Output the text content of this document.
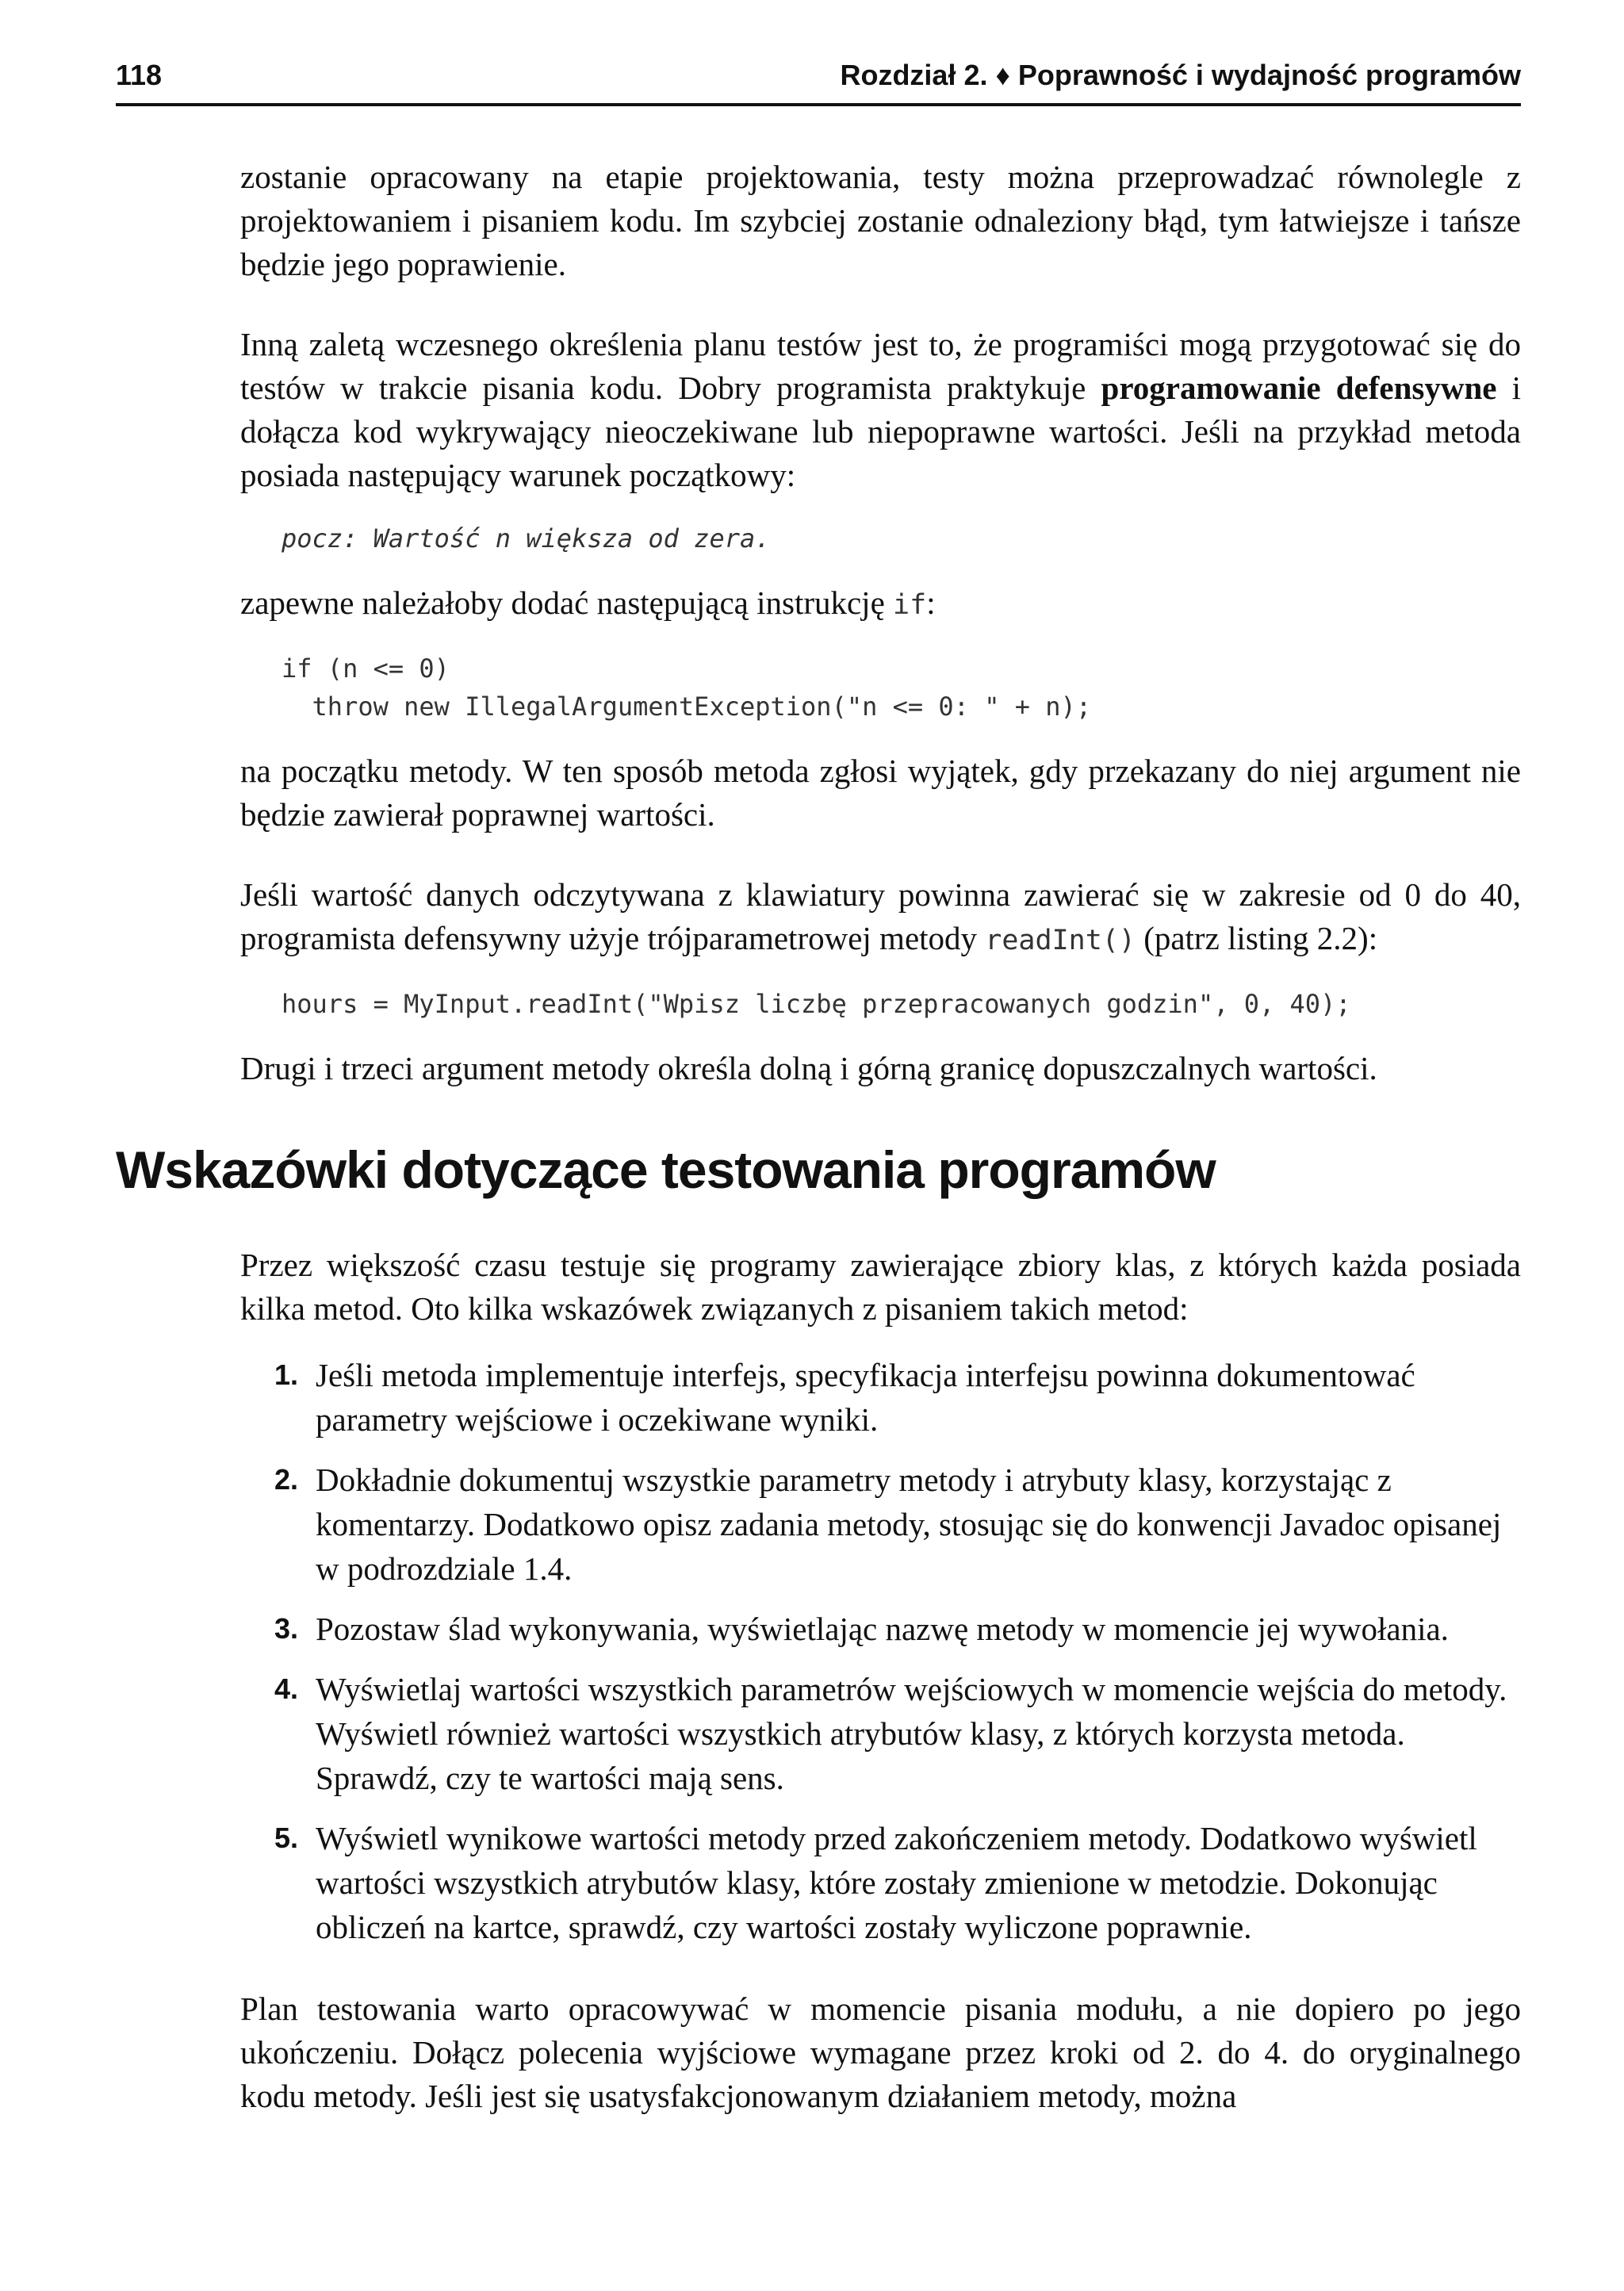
118	Rozdział 2. ♦ Poprawność i wydajność programów

zostanie opracowany na etapie projektowania, testy można przeprowadzać równolegle z projektowaniem i pisaniem kodu. Im szybciej zostanie odnaleziony błąd, tym łatwiejsze i tańsze będzie jego poprawienie.

Inną zaletą wczesnego określenia planu testów jest to, że programiści mogą przygotować się do testów w trakcie pisania kodu. Dobry programista praktykuje programowanie defensywne i dołącza kod wykrywający nieoczekiwane lub niepoprawne wartości. Jeśli na przykład metoda posiada następujący warunek początkowy:

pocz: Wartość n większa od zera.

zapewne należałoby dodać następującą instrukcję if:

if (n <= 0)
throw new IllegalArgumentException("n <= 0: " + n);

na początku metody. W ten sposób metoda zgłosi wyjątek, gdy przekazany do niej argument nie będzie zawierał poprawnej wartości.

Jeśli wartość danych odczytywana z klawiatury powinna zawierać się w zakresie od 0 do 40, programista defensywny użyje trójparametrowej metody readInt() (patrz listing 2.2):

hours = MyInput.readInt("Wpisz liczbę przepracowanych godzin", 0, 40);

Drugi i trzeci argument metody określa dolną i górną granicę dopuszczalnych wartości.

Wskazówki dotyczące testowania programów

Przez większość czasu testuje się programy zawierające zbiory klas, z których każda posiada kilka metod. Oto kilka wskazówek związanych z pisaniem takich metod:

1. Jeśli metoda implementuje interfejs, specyfikacja interfejsu powinna dokumentować parametry wejściowe i oczekiwane wyniki.
2. Dokładnie dokumentuj wszystkie parametry metody i atrybuty klasy, korzystając z komentarzy. Dodatkowo opisz zadania metody, stosując się do konwencji Javadoc opisanej w podrozdziale 1.4.
3. Pozostaw ślad wykonywania, wyświetlając nazwę metody w momencie jej wywołania.
4. Wyświetlaj wartości wszystkich parametrów wejściowych w momencie wejścia do metody. Wyświetl również wartości wszystkich atrybutów klasy, z których korzysta metoda. Sprawdź, czy te wartości mają sens.
5. Wyświetl wynikowe wartości metody przed zakończeniem metody. Dodatkowo wyświetl wartości wszystkich atrybutów klasy, które zostały zmienione w metodzie. Dokonując obliczeń na kartce, sprawdź, czy wartości zostały wyliczone poprawnie.

Plan testowania warto opracowywać w momencie pisania modułu, a nie dopiero po jego ukończeniu. Dołącz polecenia wyjściowe wymagane przez kroki od 2. do 4. do oryginalnego kodu metody. Jeśli jest się usatysfakcjonowanym działaniem metody, można
